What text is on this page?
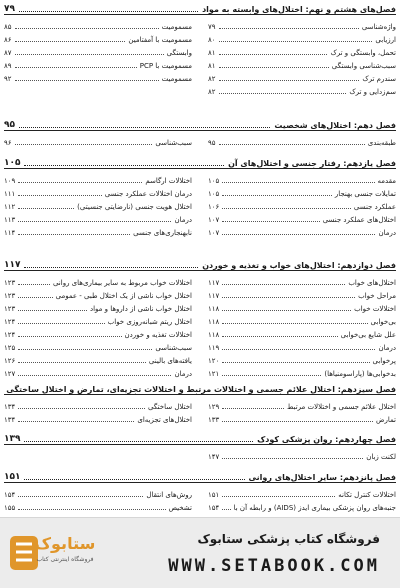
فصل‌های هشتم و نهم: اختلال‌های وابسته به مواد
۷۹
واژه‌شناسی
۷۹
ارزیابی
۸۰
تحمل، وابستگی و ترک
۸۱
سبب‌شناسی وابستگی
۸۱
سندرم ترک
۸۲
سم‌زدایی و ترک
۸۲
مسمومیت
۸۵
مسمومیت با آمفتامین
۸۶
وابستگی
۸۷
مسمومیت با PCP
۸۹
مسمومیت
۹۲
فصل دهم: اختلال‌های شخصیت
۹۵
طبقه‌بندی
۹۵
سبب‌شناسی
۹۶
فصل یازدهم: رفتار جنسی و اختلال‌های آن
۱۰۵
مقدمه
۱۰۵
تمایلات جنسی بهنجار
۱۰۵
عملکرد جنسی
۱۰۶
اختلال‌های عملکرد جنسی
۱۰۷
درمان
۱۰۷
اختلالات ارگاسم
۱۰۹
درمان اختلالات عملکرد جنسی
۱۱۱
اختلال هویت جنسی (نارضایتی جنسیتی)
۱۱۲
درمان
۱۱۳
نابهنجاری‌های جنسی
۱۱۴
فصل دوازدهم: اختلال‌های خواب و تغذیه و خوردن
۱۱۷
اختلال‌های خواب
۱۱۷
مراحل خواب
۱۱۷
اختلالات خواب
۱۱۸
بی‌خوابی
۱۱۸
علل شایع بی‌خوابی
۱۱۸
درمان
۱۱۹
پرخوابی
۱۲۰
بدخوابی‌ها (پاراسومنیاها)
۱۲۱
اختلالات خواب مربوط به سایر بیماری‌های روانی
۱۲۳
اختلال خواب ناشی از یک اختلال طبی - عمومی
۱۲۳
اختلال خواب ناشی از داروها و مواد
۱۲۳
اختلال ریتم شبانه‌روزی خواب
۱۲۴
اختلالات تغذیه و خوردن
۱۲۴
سبب‌شناسی
۱۲۵
یافته‌های بالینی
۱۲۶
درمان
۱۲۷
فصل سیزدهم: اختلال علائم جسمی و اختلالات مرتبط و اختلالات تجزیه‌ای، تمارض و اختلال ساختگی
اختلال علائم جسمی و اختلالات مرتبط
۱۲۹
تمارض
۱۳۳
اختلال ساختگی
۱۳۴
اختلال‌های تجزیه‌ای
۱۳۴
فصل چهاردهم: روان پزشکی کودک
۱۳۹
لکنت زبان
۱۴۷
فصل پانزدهم: سایر اختلال‌های روانی
۱۵۱
اختلالات کنترل تکانه
۱۵۱
جنبه‌های روان پزشکی بیماری ایدز (AIDS) و رابطه آن با
۱۵۴
روش‌های انتقال
۱۵۴
تشخیص
۱۵۵
ستابوک
فروشگاه اینترنتی کتاب
فروشگاه کتاب پزشکی ستابوک
WWW.SETABOOK.COM
